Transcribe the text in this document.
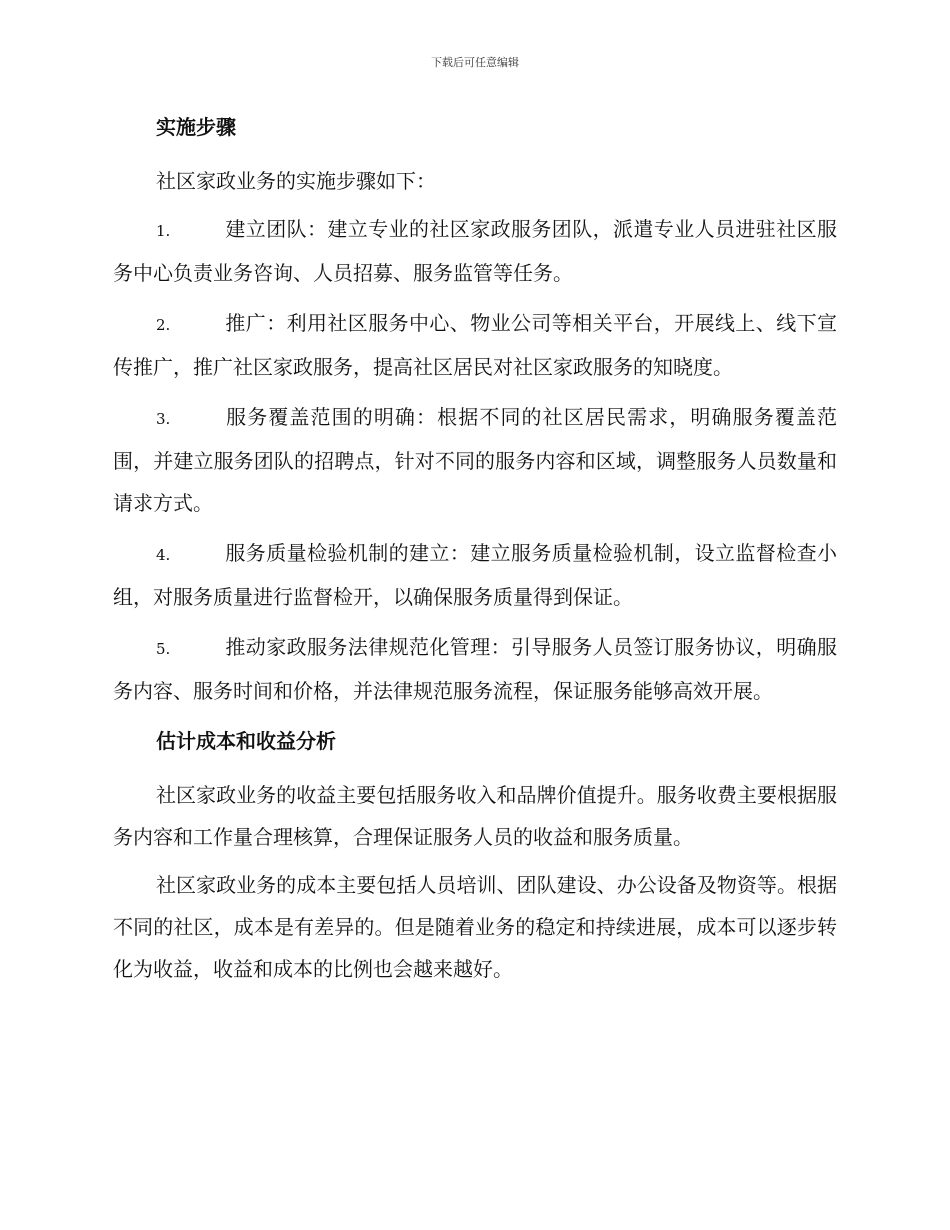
下载后可任意编辑
实施步骤

社区家政业务的实施步骤如下：

1.	建立团队：建立专业的社区家政服务团队，派遣专业人员进驻社区服务中心负责业务咨询、人员招募、服务监管等任务。

2.	推广：利用社区服务中心、物业公司等相关平台，开展线上、线下宣传推广，推广社区家政服务，提高社区居民对社区家政服务的知晓度。

3.	服务覆盖范围的明确：根据不同的社区居民需求，明确服务覆盖范围，并建立服务团队的招聘点，针对不同的服务内容和区域，调整服务人员数量和请求方式。

4.	服务质量检验机制的建立：建立服务质量检验机制，设立监督检查小组，对服务质量进行监督检开，以确保服务质量得到保证。

5.	推动家政服务法律规范化管理：引导服务人员签订服务协议，明确服务内容、服务时间和价格，并法律规范服务流程，保证服务能够高效开展。

估计成本和收益分析

社区家政业务的收益主要包括服务收入和品牌价值提升。服务收费主要根据服务内容和工作量合理核算，合理保证服务人员的收益和服务质量。

社区家政业务的成本主要包括人员培训、团队建设、办公设备及物资等。根据不同的社区，成本是有差异的。但是随着业务的稳定和持续进展，成本可以逐步转化为收益，收益和成本的比例也会越来越好。
